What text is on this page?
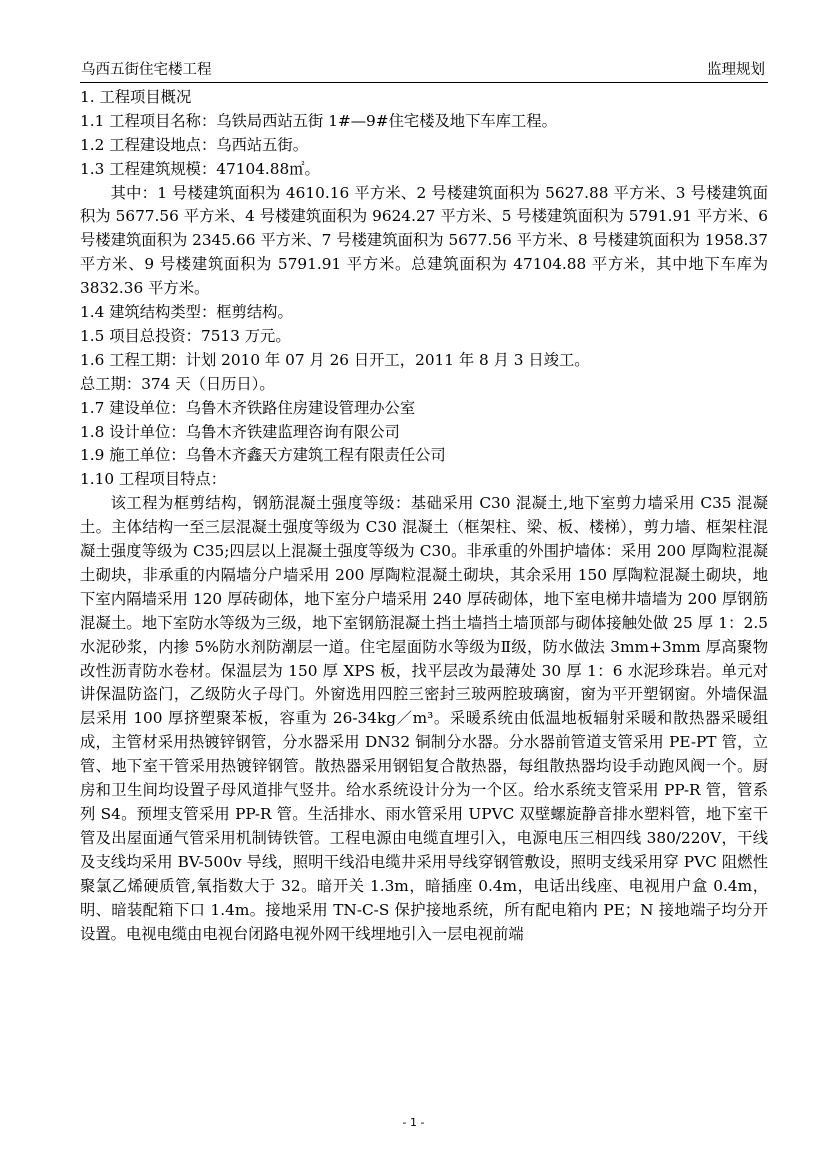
乌西五街住宅楼工程	监理规划
1. 工程项目概况
1.1 工程项目名称：乌铁局西站五街 1#—9#住宅楼及地下车库工程。
1.2 工程建设地点：乌西站五街。
1.3 工程建筑规模：47104.88㎡。

其中：1 号楼建筑面积为 4610.16 平方米、2 号楼建筑面积为 5627.88 平方米、3 号楼建筑面积为 5677.56 平方米、4 号楼建筑面积为 9624.27 平方米、5 号楼建筑面积为 5791.91 平方米、6 号楼建筑面积为 2345.66 平方米、7 号楼建筑面积为 5677.56 平方米、8 号楼建筑面积为 1958.37 平方米、9 号楼建筑面积为 5791.91 平方米。总建筑面积为 47104.88 平方米，其中地下车库为 3832.36 平方米。

1.4 建筑结构类型：框剪结构。
1.5 项目总投资：7513 万元。
1.6 工程工期：计划 2010 年 07 月 26 日开工，2011 年 8 月 3 日竣工。
总工期：374 天（日历日）。
1.7 建设单位：乌鲁木齐铁路住房建设管理办公室
1.8 设计单位：乌鲁木齐铁建监理咨询有限公司
1.9 施工单位：乌鲁木齐鑫天方建筑工程有限责任公司
1.10 工程项目特点：

该工程为框剪结构，钢筋混凝土强度等级：基础采用 C30 混凝土,地下室剪力墙采用 C35 混凝土。主体结构一至三层混凝土强度等级为 C30 混凝土（框架柱、梁、板、楼梯），剪力墙、框架柱混凝土强度等级为 C35;四层以上混凝土强度等级为 C30。非承重的外围护墙体：采用 200 厚陶粒混凝土砌块，非承重的内隔墙分户墙采用 200 厚陶粒混凝土砌块，其余采用 150 厚陶粒混凝土砌块，地下室内隔墙采用 120 厚砖砌体，地下室分户墙采用 240 厚砖砌体，地下室电梯井墙墙为 200 厚钢筋混凝土。地下室防水等级为三级，地下室钢筋混凝土挡土墙挡土墙顶部与砌体接触处做 25 厚 1：2.5 水泥砂浆，内掺 5%防水剂防潮层一道。住宅屋面防水等级为Ⅱ级，防水做法 3mm+3mm 厚高聚物改性沥青防水卷材。保温层为 150 厚 XPS 板，找平层改为最薄处 30 厚 1：6 水泥珍珠岩。单元对讲保温防盗门，乙级防火子母门。外窗选用四腔三密封三玻两腔玻璃窗，窗为平开塑钢窗。外墙保温层采用 100 厚挤塑聚苯板，容重为 26-34kg／m³。采暖系统由低温地板辐射采暖和散热器采暖组成，主管材采用热镀锌钢管，分水器采用 DN32 铜制分水器。分水器前管道支管采用 PE-PT 管，立管、地下室干管采用热镀锌钢管。散热器采用钢铝复合散热器，每组散热器均设手动跑风阀一个。厨房和卫生间均设置子母风道排气竖井。给水系统设计分为一个区。给水系统支管采用 PP-R 管，管系列 S4。预埋支管采用 PP-R 管。生活排水、雨水管采用 UPVC 双壁螺旋静音排水塑料管，地下室干管及出屋面通气管采用机制铸铁管。工程电源由电缆直埋引入，电源电压三相四线 380/220V，干线及支线均采用 BV-500v 导线，照明干线沿电缆井采用导线穿钢管敷设，照明支线采用穿 PVC 阻燃性聚氯乙烯硬质管,氧指数大于 32。暗开关 1.3m，暗插座 0.4m，电话出线座、电视用户盒 0.4m，明、暗装配箱下口 1.4m。接地采用 TN-C-S 保护接地系统，所有配电箱内 PE；N 接地端子均分开设置。电视电缆由电视台闭路电视外网干线埋地引入一层电视前端

- 1 -
